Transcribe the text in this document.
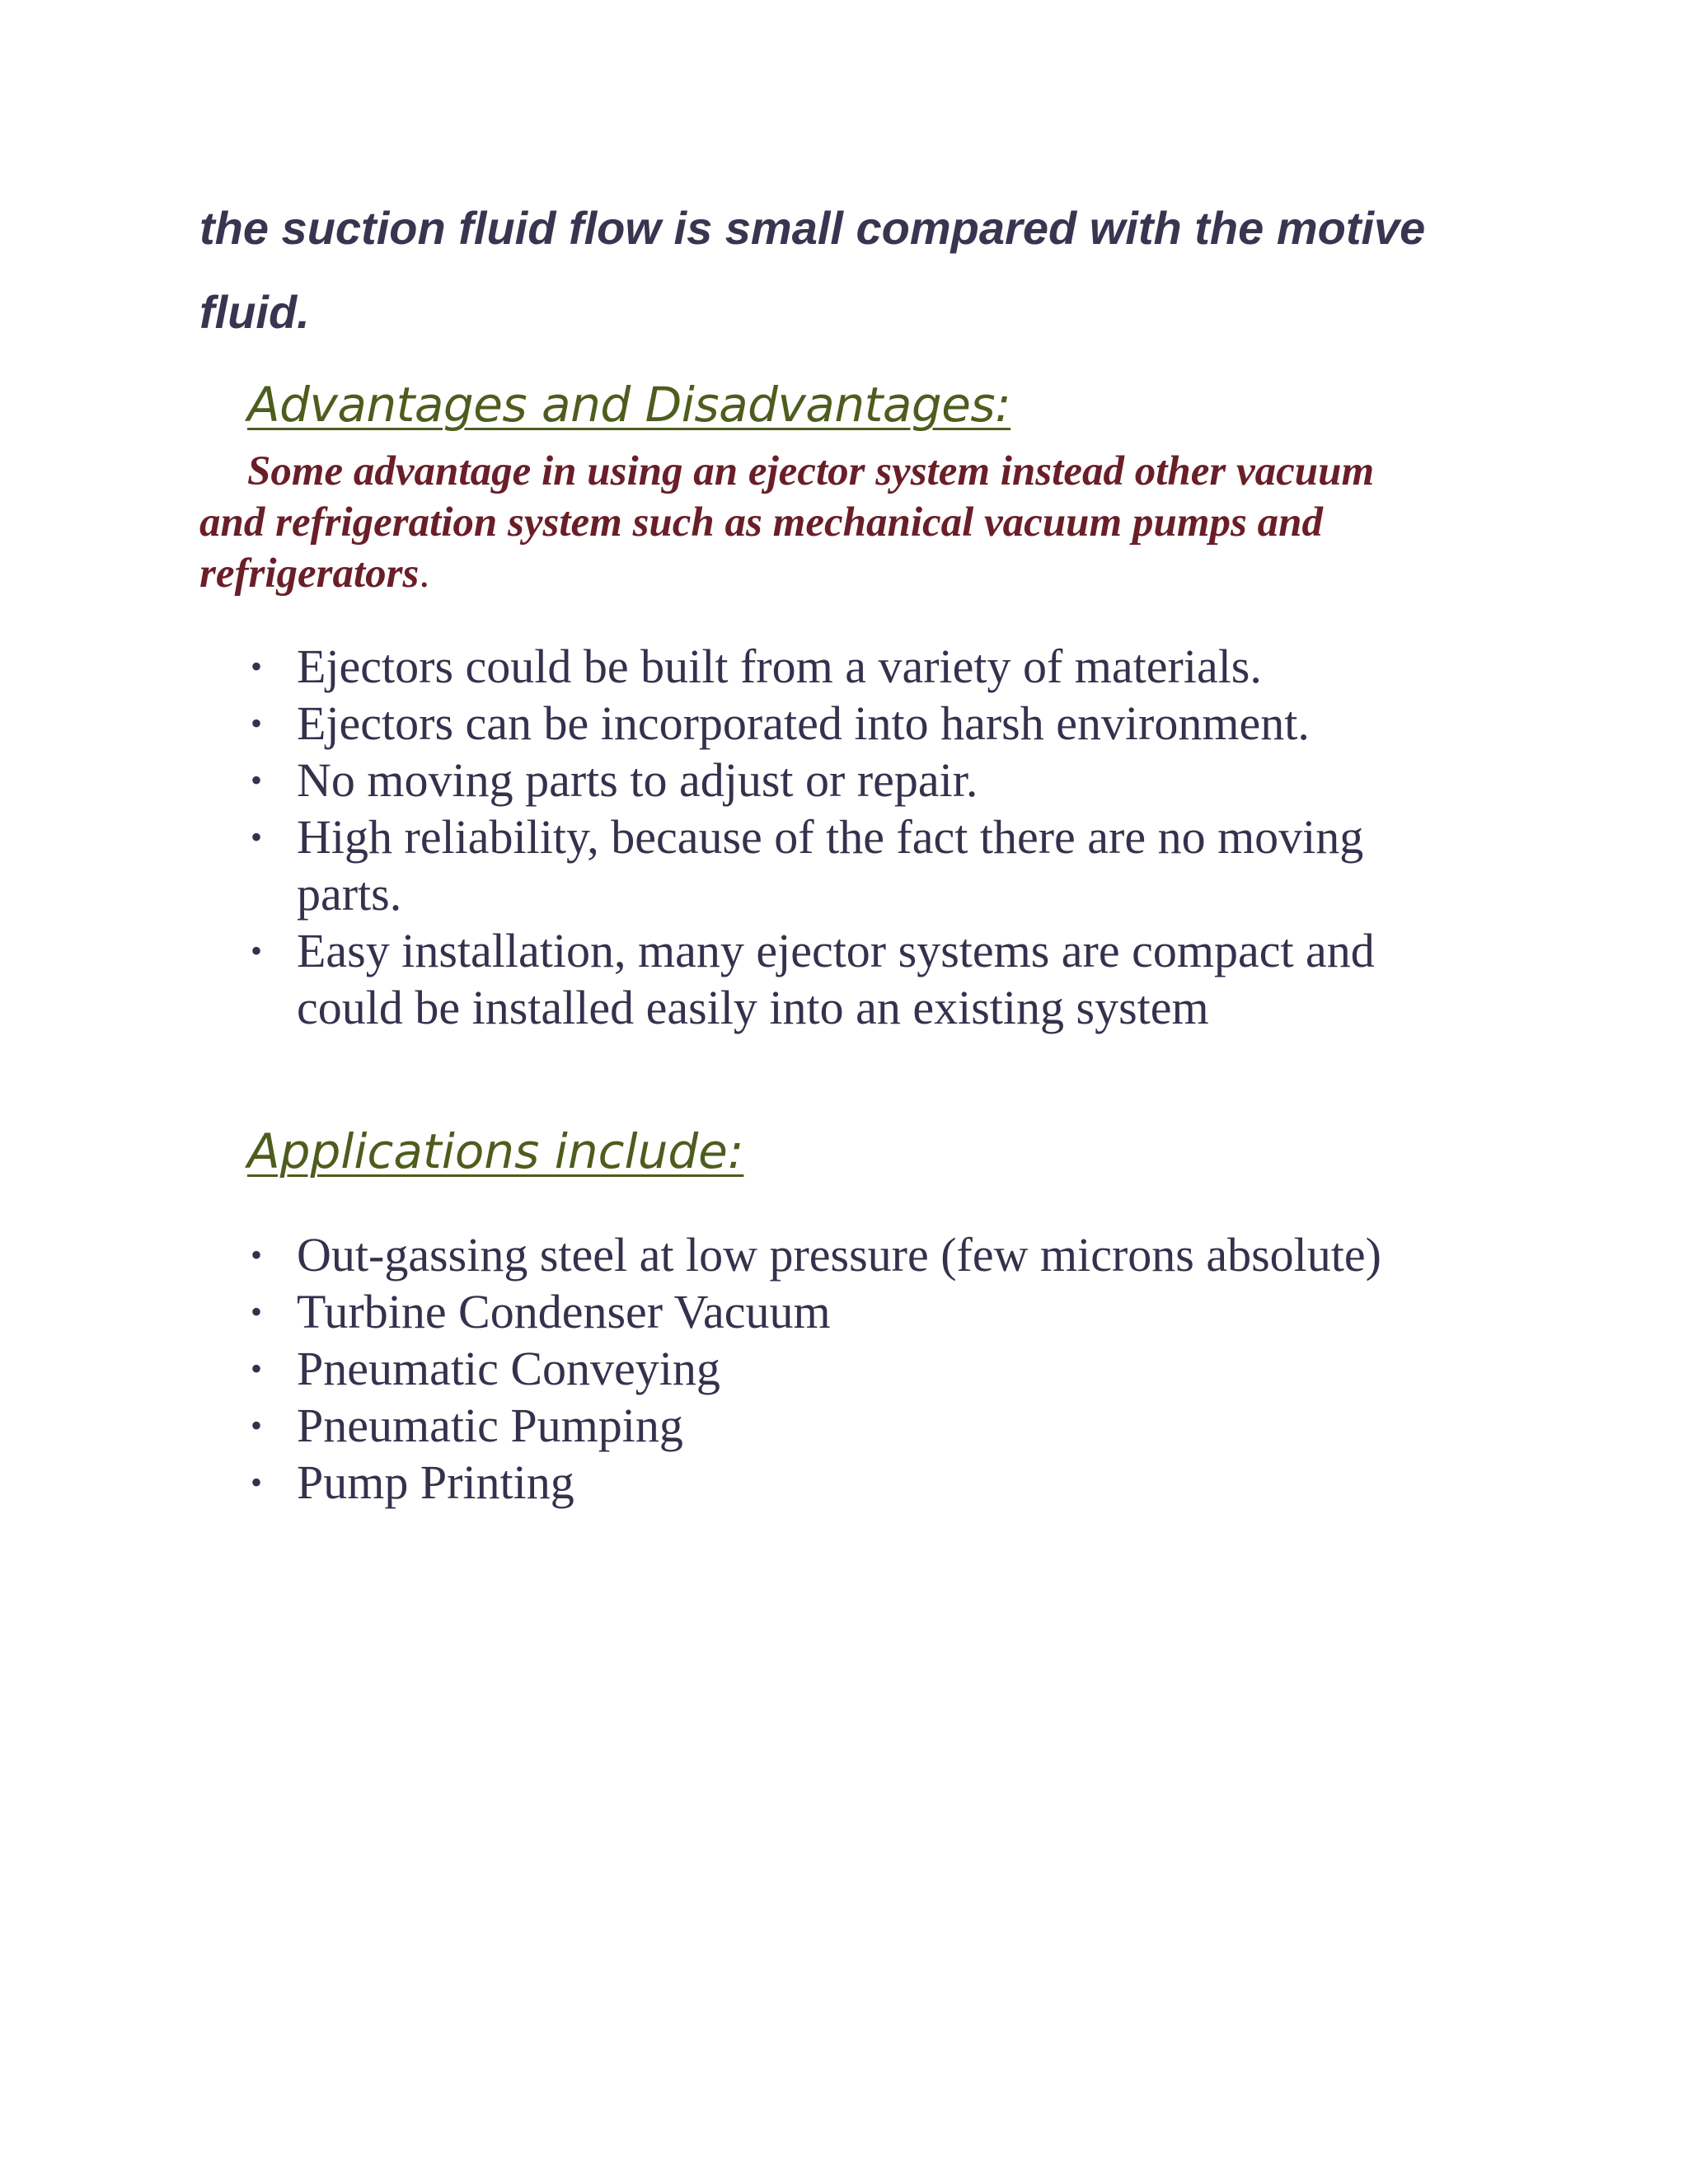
the suction fluid flow is small compared with the motive fluid.

Advantages and Disadvantages:

Some advantage in using an ejector system instead other vacuum and refrigeration system such as mechanical vacuum pumps and refrigerators.

• Ejectors could be built from a variety of materials.
• Ejectors can be incorporated into harsh environment.
• No moving parts to adjust or repair.
• High reliability, because of the fact there are no moving parts.
• Easy installation, many ejector systems are compact and could be installed easily into an existing system
Applications include:
• Out-gassing steel at low pressure (few microns absolute)
• Turbine Condenser Vacuum
• Pneumatic Conveying
• Pneumatic Pumping
• Pump Printing
